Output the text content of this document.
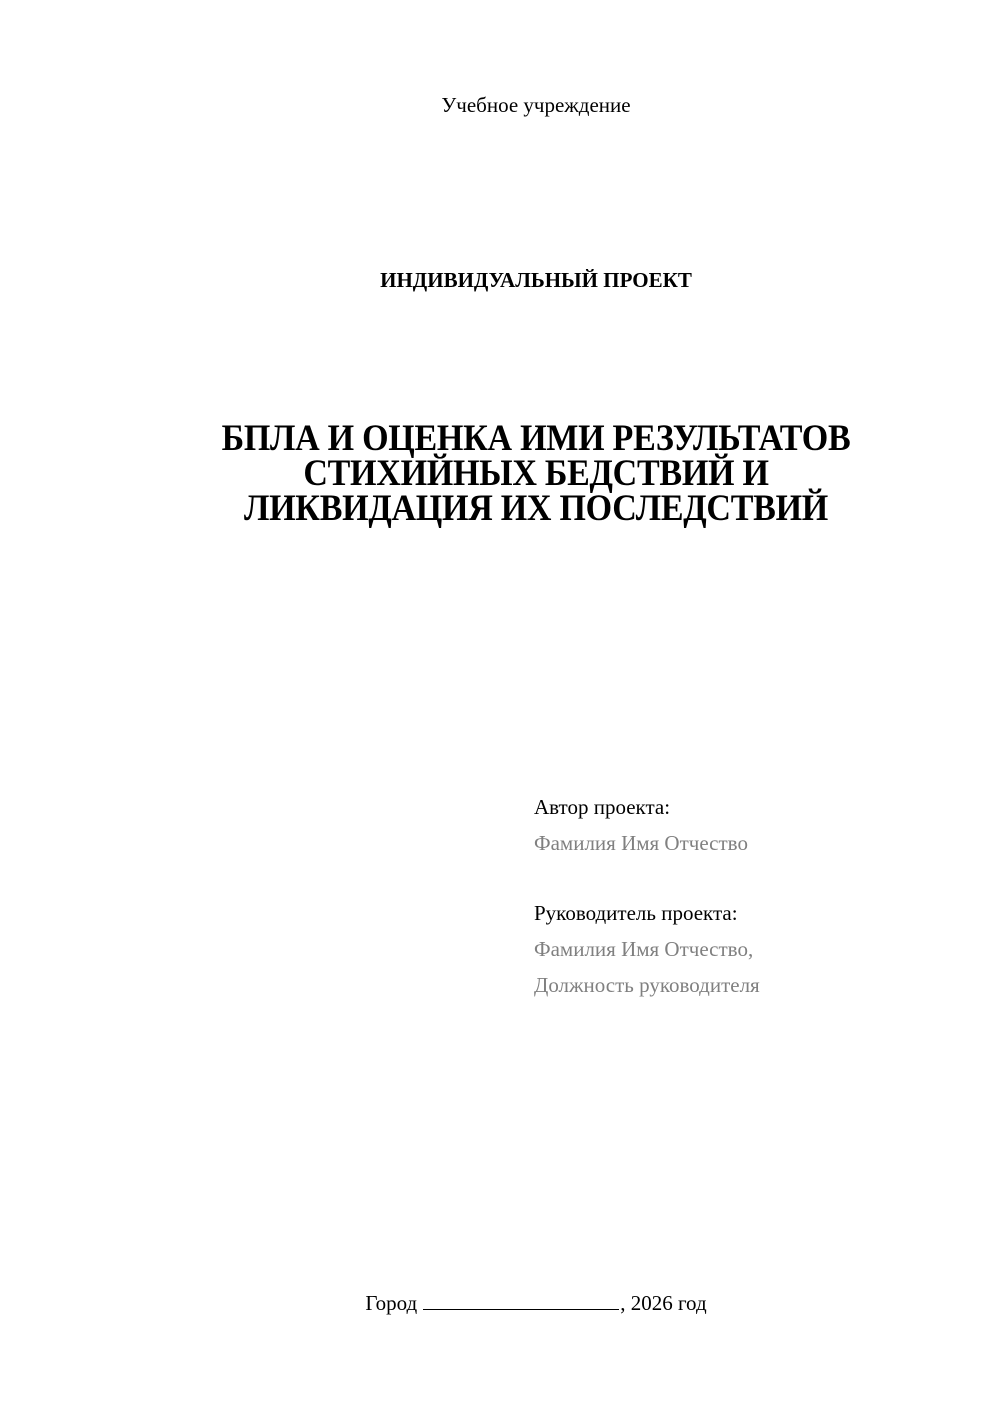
Учебное учреждение
ИНДИВИДУАЛЬНЫЙ ПРОЕКТ
БПЛА И ОЦЕНКА ИМИ РЕЗУЛЬТАТОВ
СТИХИЙНЫХ БЕДСТВИЙ И
ЛИКВИДАЦИЯ ИХ ПОСЛЕДСТВИЙ
Автор проекта:
Фамилия Имя Отчество
Руководитель проекта:
Фамилия Имя Отчество,
Должность руководителя
Город	, 2026 год
